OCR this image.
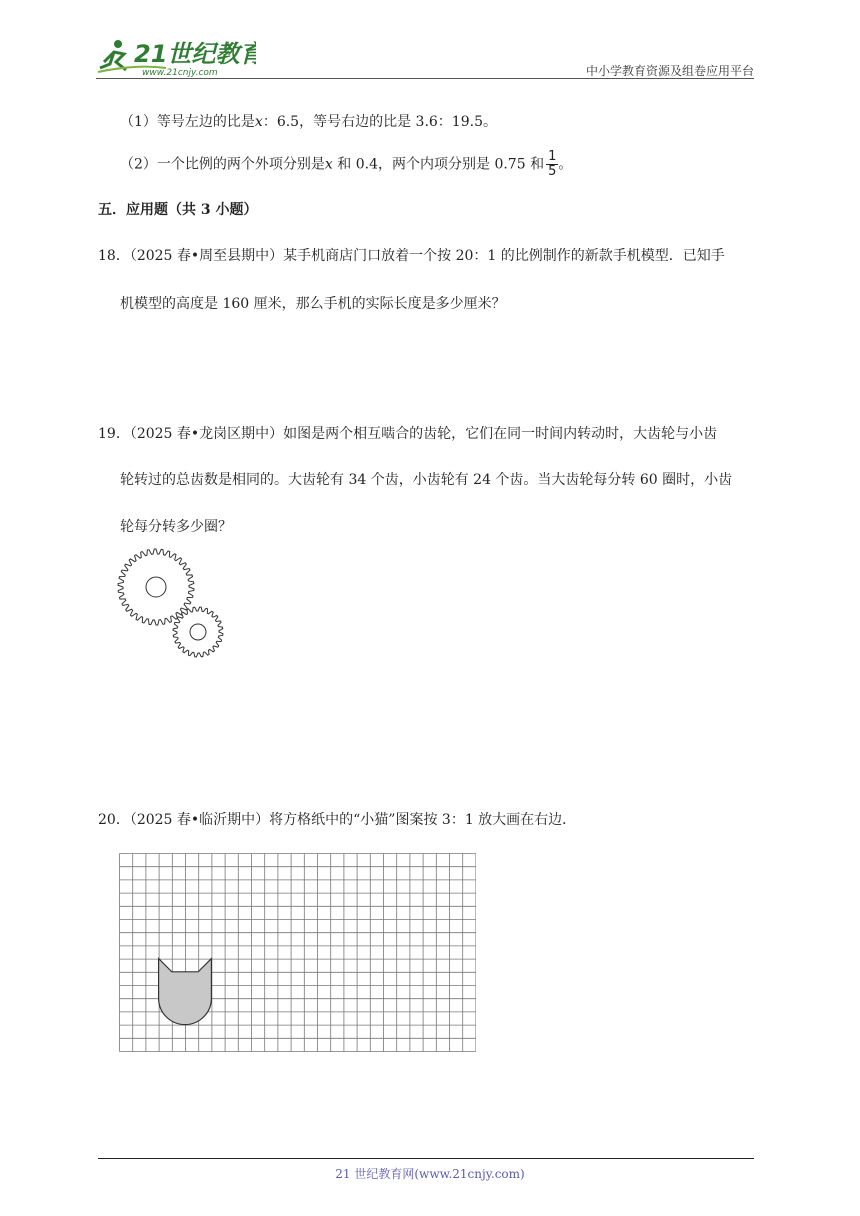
21世纪教育
www.21cnjy.com	中小学教育资源及组卷应用平台
（1）等号左边的比是x：6.5，等号右边的比是 3.6：19.5。
（2）一个比例的两个外项分别是x 和 0.4，两个内项分别是 0.75 和 $\frac{1}{5}$ 。
五．应用题（共 3 小题）
18．（2025 春•周至县期中）某手机商店门口放着一个按 20：1 的比例制作的新款手机模型．已知手
机模型的高度是 160 厘米，那么手机的实际长度是多少厘米？
19．（2025 春•龙岗区期中）如图是两个相互啮合的齿轮，它们在同一时间内转动时，大齿轮与小齿
轮转过的总齿数是相同的。大齿轮有 34 个齿，小齿轮有 24 个齿。当大齿轮每分转 60 圈时，小齿
轮每分转多少圈？
20．（2025 春•临沂期中）将方格纸中的“小猫”图案按 3：1 放大画在右边．
21 世纪教育网(www.21cnjy.com)
